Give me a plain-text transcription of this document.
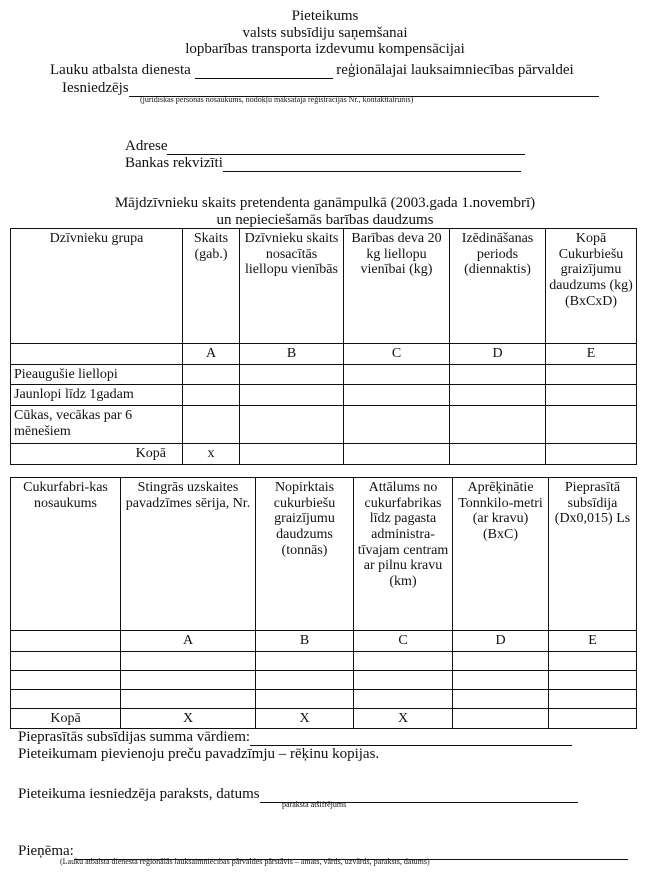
Pieteikums
valsts subsīdiju saņemšanai
lopbarības transporta izdevumu kompensācijai
Lauku atbalsta dienesta	reģionālajai lauksaimniecības pārvaldei
Iesniedzējs
(juridiskās personas nosaukums, nodokļu maksātāja reģistrācijas Nr., kontakttālrunis)
Adrese
Bankas rekvizīti
Mājdzīvnieku skaits pretendenta ganāmpulkā (2003.gada 1.novembrī)
un nepieciešamās barības daudzums
Dzīvnieku grupa	Skaits (gab.)	Dzīvnieku skaits nosacītās liellopu vienībās	Barības deva 20 kg liellopu vienībai (kg)	Izēdināšanas periods (diennaktis)	Kopā Cukurbiešu graizījumu daudzums (kg) (BxCxD)
	A	B	C	D	E
Pieaugušie liellopi					
Jaunlopi līdz 1gadam					
Cūkas, vecākas par 6 mēnešiem					
Kopā	x				
Cukurfabri-kas nosaukums	Stingrās uzskaites pavadzīmes sērija, Nr.	Nopirktais cukurbiešu graizījumu daudzums (tonnās)	Attālums no cukurfabrikas līdz pagasta administra-tīvajam centram ar pilnu kravu (km)	Aprēķinātie Tonnkilo-metri (ar kravu) (BxC)	Pieprasītā subsīdija (Dx0,015) Ls
	A	B	C	D	E

Kopā	X	X	X		
Pieprasītās subsīdijas summa vārdiem:
Pieteikumam pievienoju preču pavadzīmju – rēķinu kopijas.
Pieteikuma iesniedzēja paraksts, datums
paraksta atšifrējums
Pieņēma:
(Lauku atbalsta dienesta reģionālās lauksaimniecības pārvaldes pārstāvis – amats, vārds, uzvārds, paraksts, datums)
